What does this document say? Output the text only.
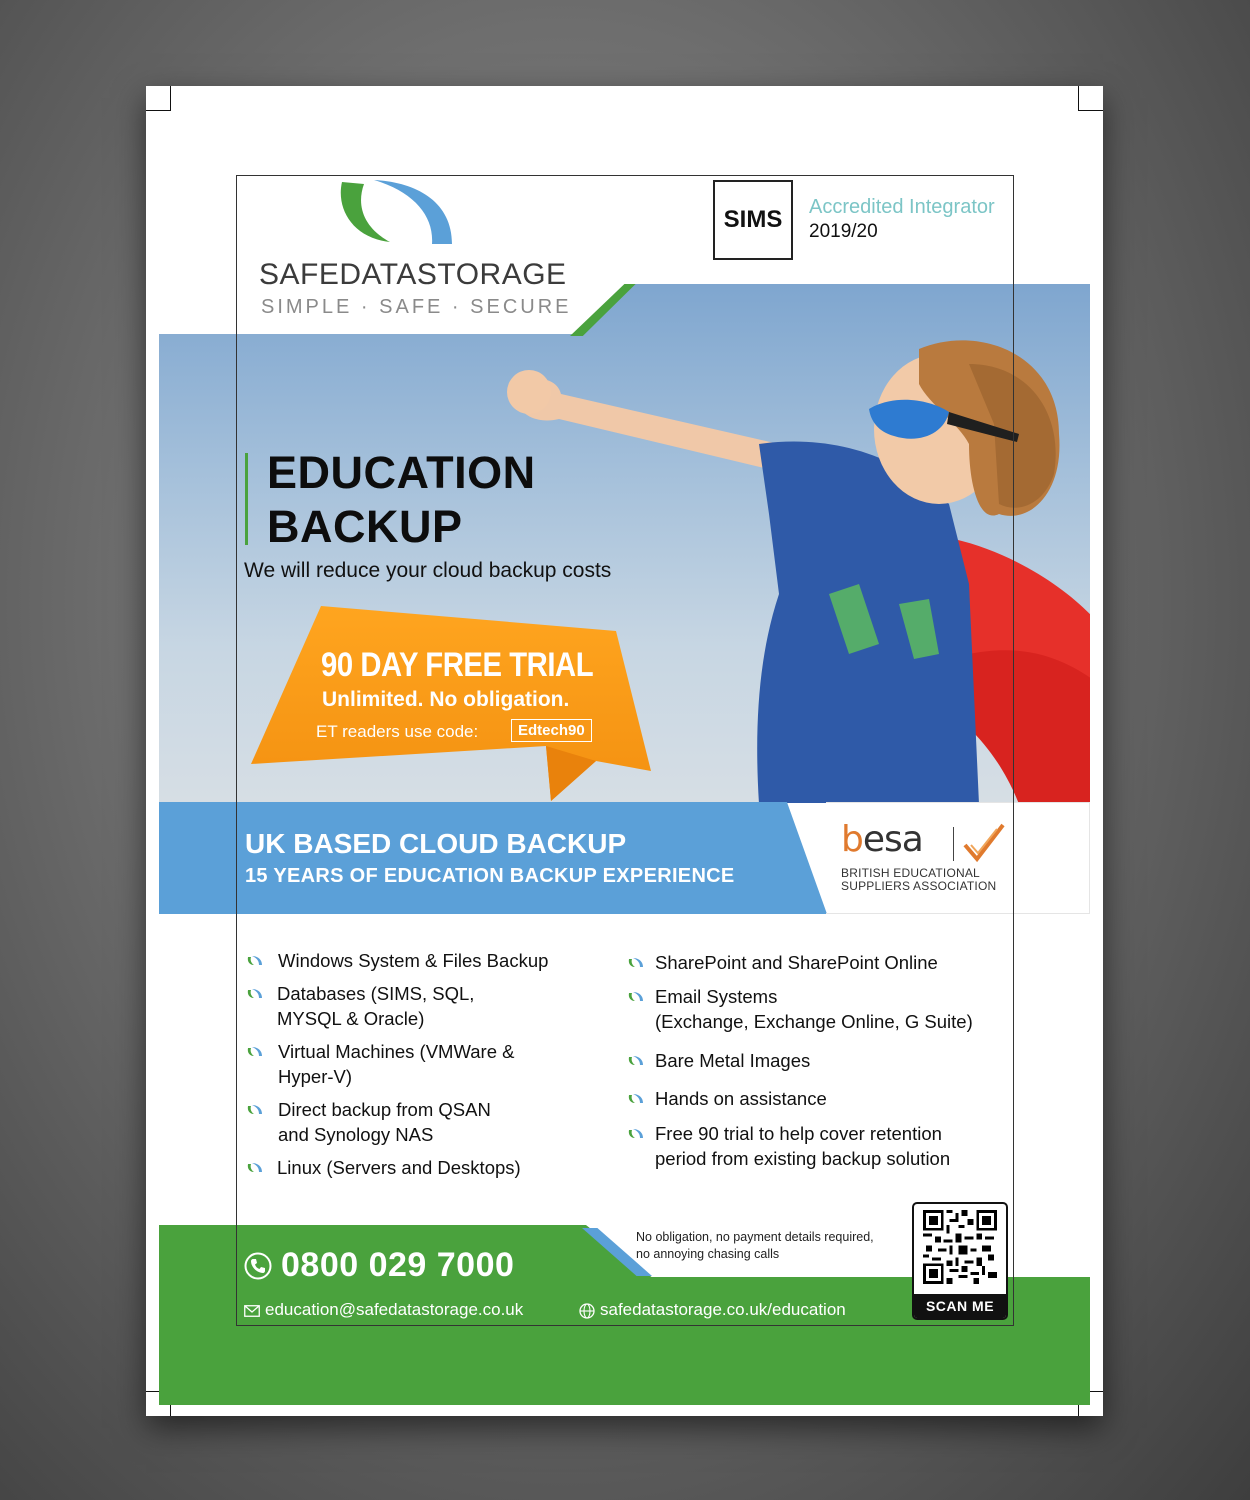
SAFEDATASTORAGE
SIMPLE · SAFE · SECURE
SIMS	Accredited Integrator
2019/20
EDUCATION
BACKUP
We will reduce your cloud backup costs
90 DAY FREE TRIAL
Unlimited. No obligation.
ET readers use code:	Edtech90
UK BASED CLOUD BACKUP
15 YEARS OF EDUCATION BACKUP EXPERIENCE
besa
BRITISH EDUCATIONAL
SUPPLIERS ASSOCIATION
Windows System & Files Backup
Databases (SIMS, SQL,
MYSQL & Oracle)
Virtual Machines (VMWare &
Hyper-V)
Direct backup from QSAN
and Synology NAS
Linux (Servers and Desktops)
SharePoint and SharePoint Online
Email Systems
(Exchange, Exchange Online, G Suite)
Bare Metal Images
Hands on assistance
Free 90 trial to help cover retention
period from existing backup solution
0800 029 7000
No obligation, no payment details required,
no annoying chasing calls
education@safedatastorage.co.uk	safedatastorage.co.uk/education	SCAN ME
